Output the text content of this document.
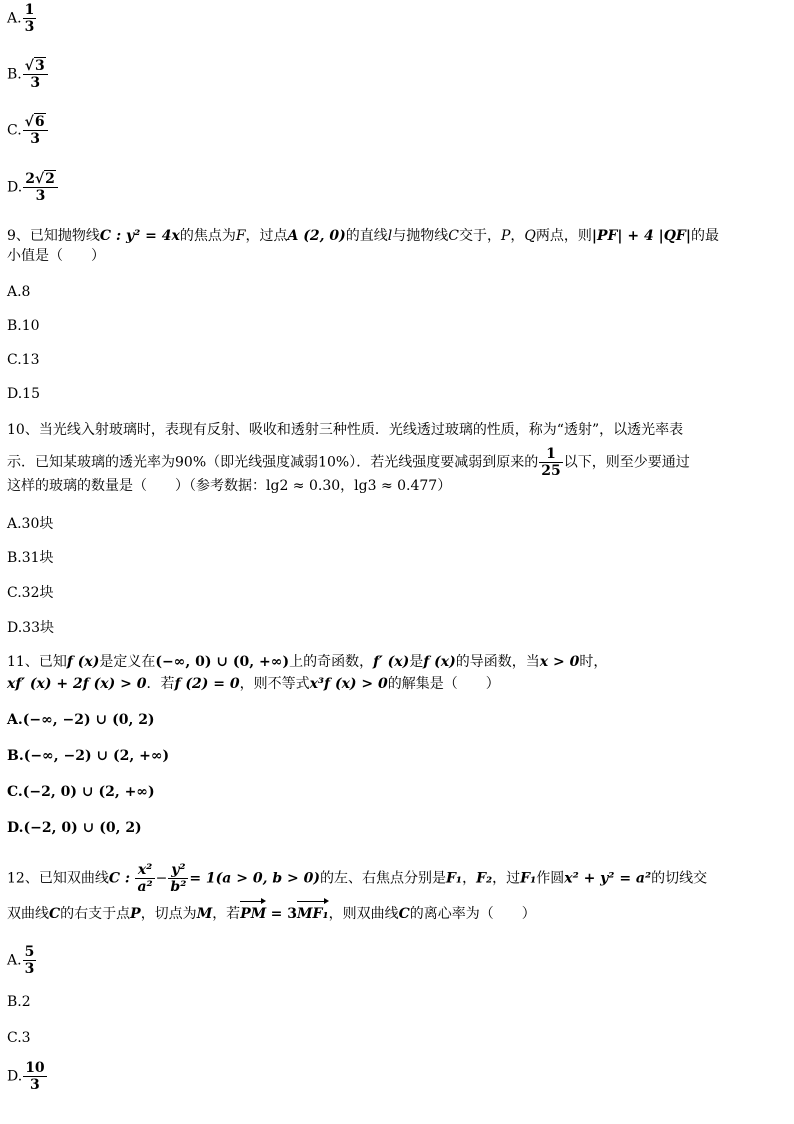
A. $\frac{1}{3}$
B. $\frac{√3}{3}$
C. $\frac{√6}{3}$
D. $\frac{2√2}{3}$
9、已知抛物线C : y² = 4x的焦点为F，过点A (2, 0)的直线l与抛物线C交于，P，Q两点，则|PF| + 4 |QF|的最
小值是（　　）
A.8
B.10
C.13
D.15
10、当光线入射玻璃时，表现有反射、吸收和透射三种性质．光线透过玻璃的性质，称为“透射”，以透光率表
示．已知某玻璃的透光率为90%（即光线强度减弱10%）．若光线强度要减弱到原来的 $\frac{1}{25}$ 以下，则至少要通过
这样的玻璃的数量是（　　）（参考数据：lg2 ≈ 0.30，lg3 ≈ 0.477）
A.30块
B.31块
C.32块
D.33块
11、已知f (x)是定义在(−∞, 0) ∪ (0, +∞)上的奇函数，f′ (x)是f (x)的导函数，当x > 0时，
xf′ (x) + 2f (x) > 0．若f (2) = 0，则不等式x³f (x) > 0的解集是（　　）
A.(−∞, −2) ∪ (0, 2)
B.(−∞, −2) ∪ (2, +∞)
C.(−2, 0) ∪ (2, +∞)
D.(−2, 0) ∪ (0, 2)
12、已知双曲线C : $\frac{\text{x²}}{\text{a²}} - \frac{\text{y²}}{\text{b²}} = 1(a > 0$, b > 0)的左、右焦点分别是F₁，F₂，过F₁作圆x² + y² = a²的切线交
双曲线C的右支于点P，切点为M，若PM = 3MF₁，则双曲线C的离心率为（　　）
A. $\frac{5}{3}$
B.2
C.3
D. $\frac{10}{3}$
